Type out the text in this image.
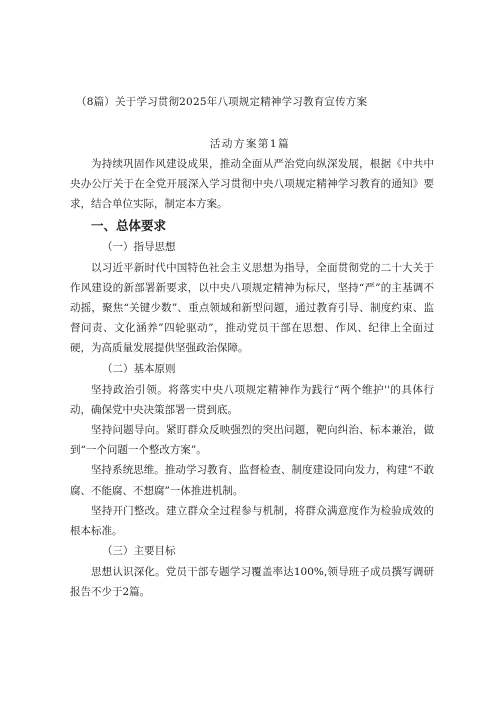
（8篇）关于学习贯彻2025年八项规定精神学习教育宣传方案
活动方案第1篇

为持续巩固作风建设成果，推动全面从严治党向纵深发展，根据《中共中央办公厅关于在全党开展深入学习贯彻中央八项规定精神学习教育的通知》要求，结合单位实际，制定本方案。

一、总体要求

（一）指导思想

以习近平新时代中国特色社会主义思想为指导，全面贯彻党的二十大关于作风建设的新部署新要求，以中央八项规定精神为标尺，坚持“严”的主基调不动摇，聚焦“关键少数”、重点领域和新型问题，通过教育引导、制度约束、监督问责、文化涵养”四轮驱动”，推动党员干部在思想、作风、纪律上全面过硬，为高质量发展提供坚强政治保障。

（二）基本原则

坚持政治引领。将落实中央八项规定精神作为践行“两个维护''的具体行动，确保党中央决策部署一贯到底。

坚持问题导向。紧盯群众反映强烈的突出问题，靶向纠治、标本兼治，做到“一个问题一个整改方案”。

坚持系统思维。推动学习教育、监督检查、制度建设同向发力，构建“不敢腐、不能腐、不想腐”一体推进机制。

坚持开门整改。建立群众全过程参与机制，将群众满意度作为检验成效的根本标准。

（三）主要目标

思想认识深化。党员干部专题学习覆盖率达100%,领导班子成员撰写调研报告不少于2篇。
